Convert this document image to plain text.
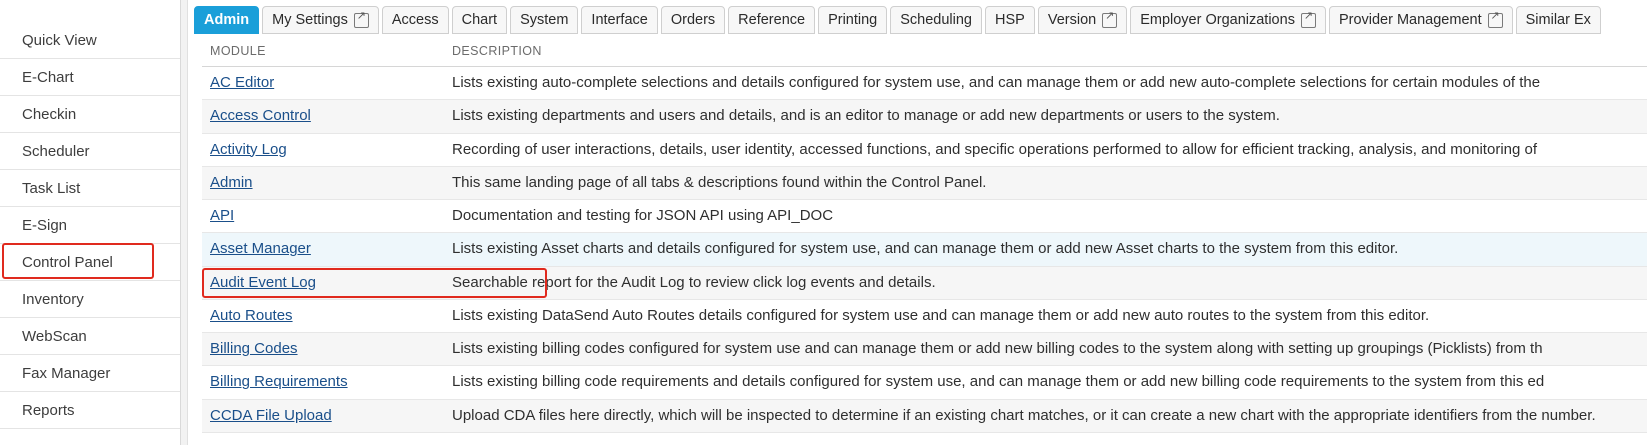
Quick View
E-Chart
Checkin
Scheduler
Task List
E-Sign
Control Panel
Inventory
WebScan
Fax Manager
Reports
Admin My Settings ↗	Access Chart System Interface Orders Reference Printing Scheduling HSP Version ↗	Employer Organizations ↗	Provider Management ↗	Similar Ex
MODULE	DESCRIPTION
AC Editor	Lists existing auto-complete selections and details configured for system use, and can manage them or add new auto-complete selections for certain modules of the
Access Control	Lists existing departments and users and details, and is an editor to manage or add new departments or users to the system.
Activity Log	Recording of user interactions, details, user identity, accessed functions, and specific operations performed to allow for efficient tracking, analysis, and monitoring of
Admin	This same landing page of all tabs & descriptions found within the Control Panel.
API	Documentation and testing for JSON API using API_DOC
Asset Manager	Lists existing Asset charts and details configured for system use, and can manage them or add new Asset charts to the system from this editor.
Audit Event Log	Searchable report for the Audit Log to review click log events and details.
Auto Routes	Lists existing DataSend Auto Routes details configured for system use and can manage them or add new auto routes to the system from this editor.
Billing Codes	Lists existing billing codes configured for system use and can manage them or add new billing codes to the system along with setting up groupings (Picklists) from th
Billing Requirements	Lists existing billing code requirements and details configured for system use, and can manage them or add new billing code requirements to the system from this ed
CCDA File Upload	Upload CDA files here directly, which will be inspected to determine if an existing chart matches, or it can create a new chart with the appropriate identifiers from the number.
